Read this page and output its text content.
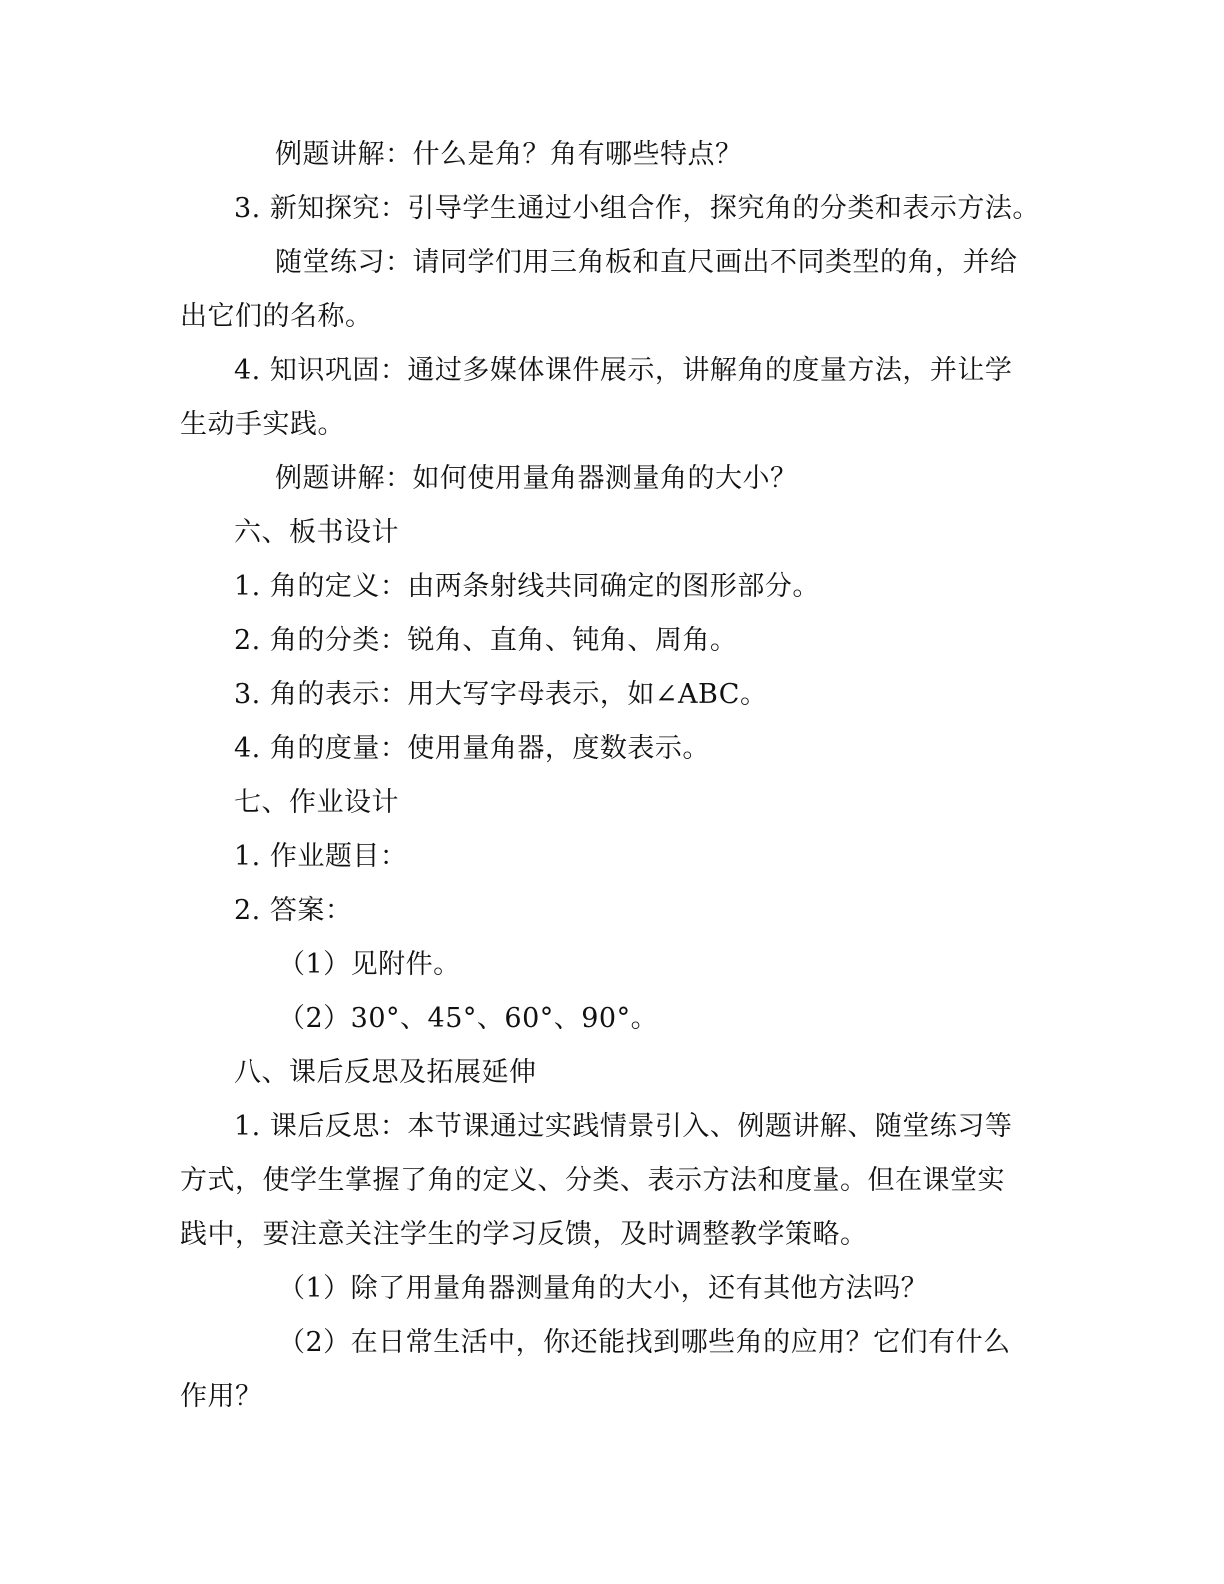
例题讲解：什么是角？角有哪些特点？
3. 新知探究：引导学生通过小组合作，探究角的分类和表示方法。
随堂练习：请同学们用三角板和直尺画出不同类型的角，并给
出它们的名称。
4. 知识巩固：通过多媒体课件展示，讲解角的度量方法，并让学
生动手实践。
例题讲解：如何使用量角器测量角的大小？
六、板书设计
1. 角的定义：由两条射线共同确定的图形部分。
2. 角的分类：锐角、直角、钝角、周角。
3. 角的表示：用大写字母表示，如∠ABC。
4. 角的度量：使用量角器，度数表示。
七、作业设计
1. 作业题目：
2. 答案：
（1）见附件。
（2）30°、45°、60°、90°。
八、课后反思及拓展延伸
1. 课后反思：本节课通过实践情景引入、例题讲解、随堂练习等
方式，使学生掌握了角的定义、分类、表示方法和度量。但在课堂实
践中，要注意关注学生的学习反馈，及时调整教学策略。
（1）除了用量角器测量角的大小，还有其他方法吗？
（2）在日常生活中，你还能找到哪些角的应用？它们有什么
作用？
